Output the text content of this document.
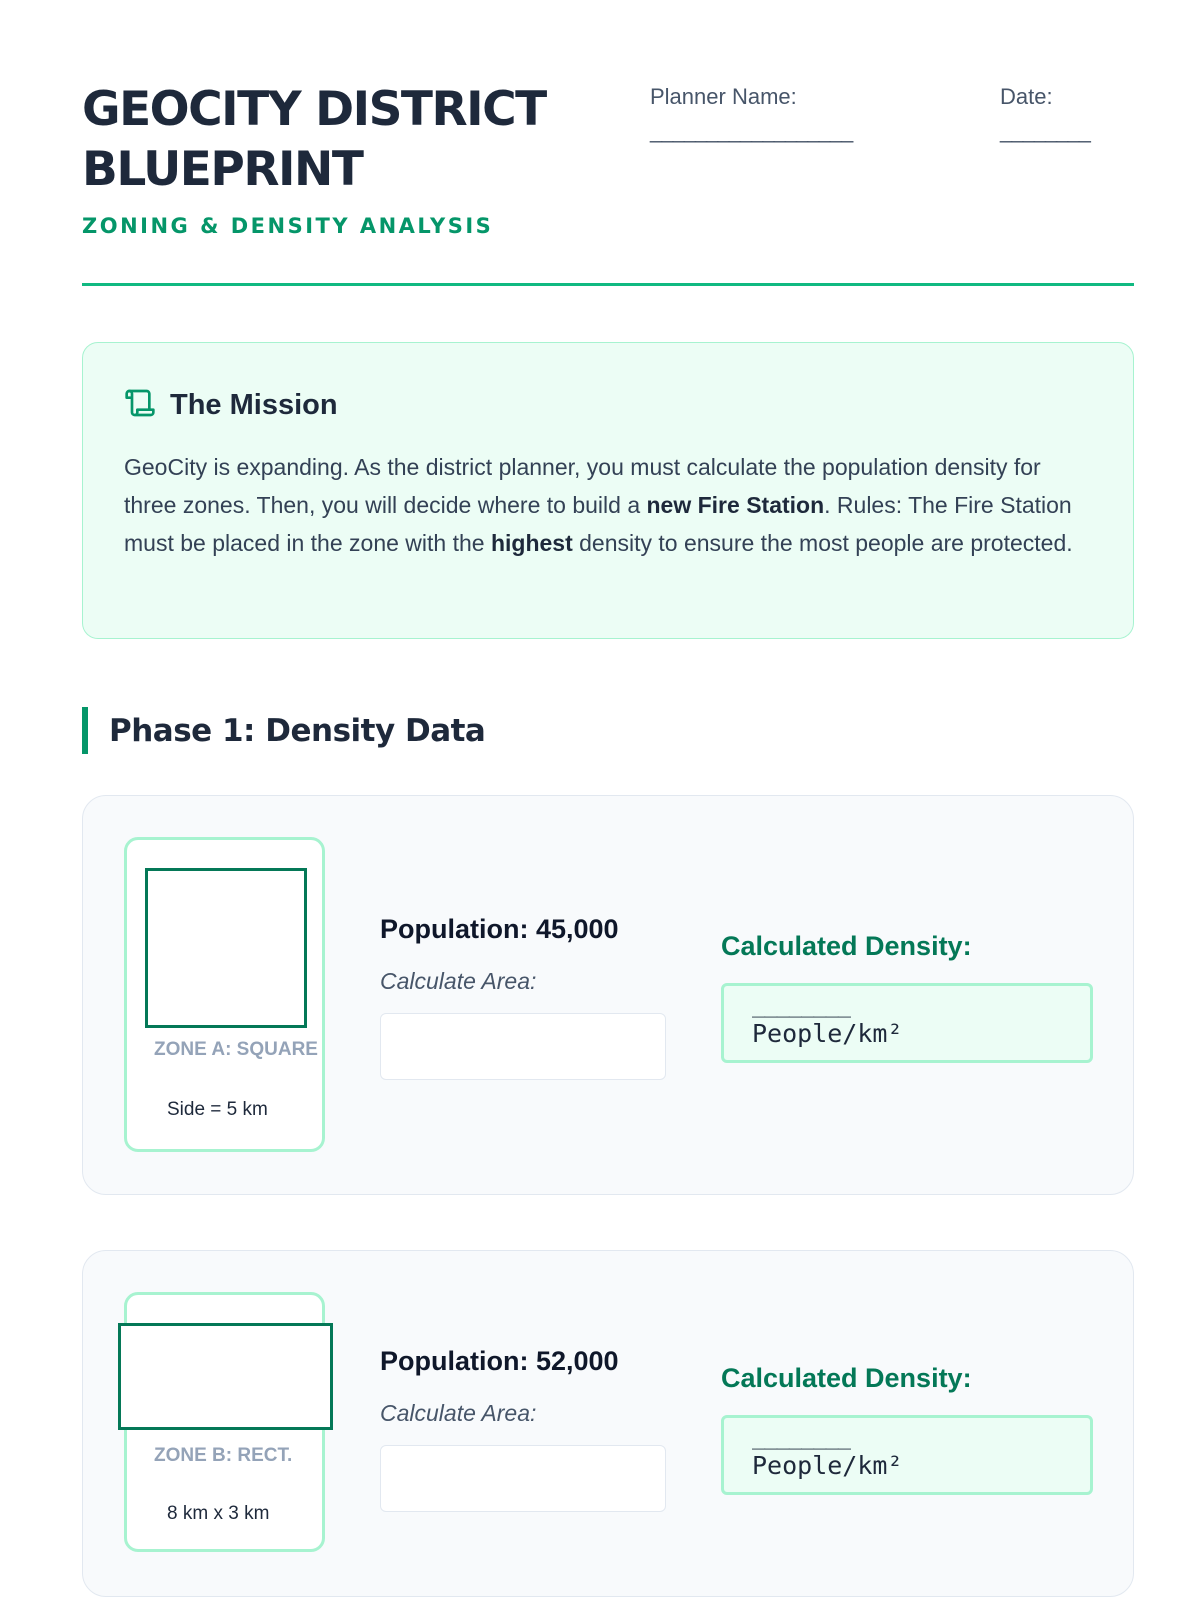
GEOCITY DISTRICT BLUEPRINT
ZONING & DENSITY ANALYSIS
Planner Name:
__________________
Date:
________
The Mission

GeoCity is expanding. As the district planner, you must calculate the population density for three zones. Then, you will decide where to build a new Fire Station. Rules: The Fire Station must be placed in the zone with the highest density to ensure the most people are protected.

Phase 1: Density Data
ZONE A: SQUARE
Side = 5 km
Population: 45,000
Calculate Area:
Calculated Density:
________
People/km²
ZONE B: RECT.
8 km x 3 km
Population: 52,000
Calculate Area:
Calculated Density:
________
People/km²
